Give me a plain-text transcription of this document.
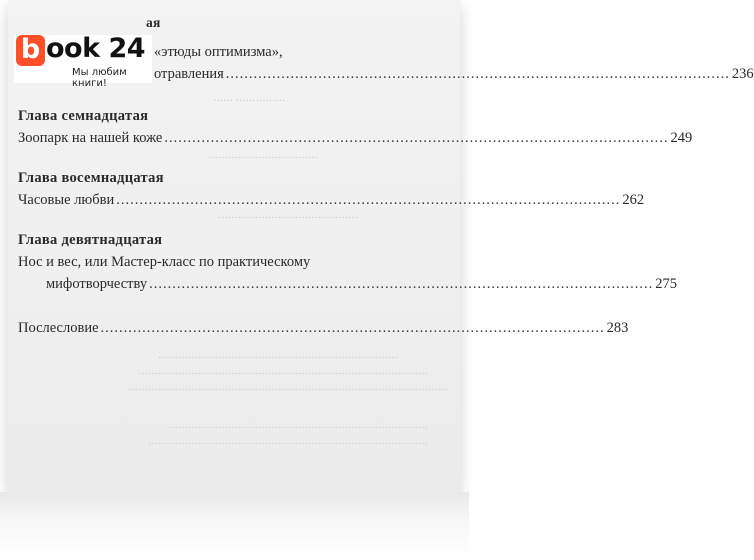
…… ……………
……………………………
……………………………………
………………………………………………………………
……………………………………………………………………………
……………………………………………………………………………………
……………………………………………………………………
…………………………………………………………………………
ая
«этюды оптимизма»,
отравления ............................................................................................................. 236
b ook 24
Мы любим книги!
Глава семнадцатая
Зоопарк на нашей коже ............................................................................................................. 249
Глава восемнадцатая
Часовые любви ............................................................................................................. 262
Глава девятнадцатая
Нос и вес, или Мастер-класс по практическому
мифотворчеству ............................................................................................................. 275
Послесловие ............................................................................................................. 283
